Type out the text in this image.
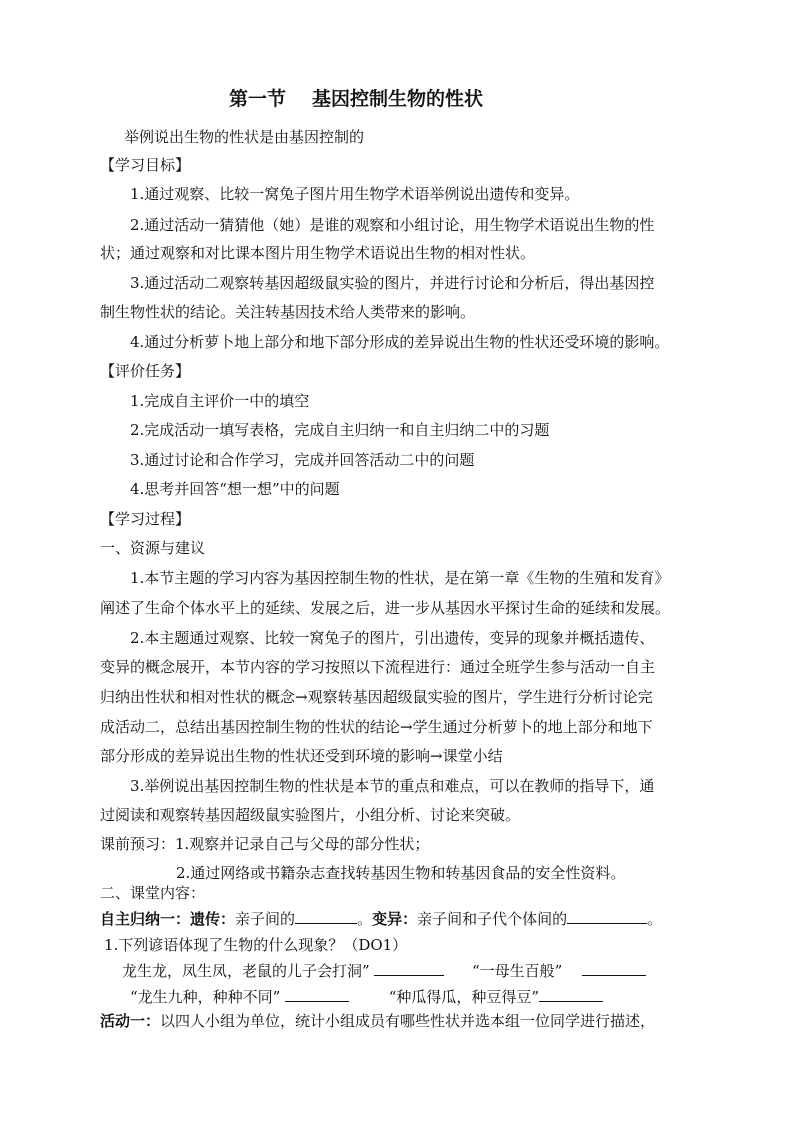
第一节 基因控制生物的性状
举例说出生物的性状是由基因控制的
【学习目标】
1.通过观察、比较一窝兔子图片用生物学术语举例说出遗传和变异。
2.通过活动一猜猜他（她）是谁的观察和小组讨论，用生物学术语说出生物的性
状；通过观察和对比课本图片用生物学术语说出生物的相对性状。
3.通过活动二观察转基因超级鼠实验的图片，并进行讨论和分析后，得出基因控
制生物性状的结论。关注转基因技术给人类带来的影响。
4.通过分析萝卜地上部分和地下部分形成的差异说出生物的性状还受环境的影响。
【评价任务】
1.完成自主评价一中的填空
2.完成活动一填写表格，完成自主归纳一和自主归纳二中的习题
3.通过讨论和合作学习，完成并回答活动二中的问题
4.思考并回答“想一想”中的问题
【学习过程】
一、资源与建议
1.本节主题的学习内容为基因控制生物的性状，是在第一章《生物的生殖和发育》
阐述了生命个体水平上的延续、发展之后，进一步从基因水平探讨生命的延续和发展。
2.本主题通过观察、比较一窝兔子的图片，引出遗传，变异的现象并概括遗传、
变异的概念展开，本节内容的学习按照以下流程进行：通过全班学生参与活动一自主
归纳出性状和相对性状的概念→观察转基因超级鼠实验的图片，学生进行分析讨论完
成活动二，总结出基因控制生物的性状的结论→学生通过分析萝卜的地上部分和地下
部分形成的差异说出生物的性状还受到环境的影响→课堂小结
3.举例说出基因控制生物的性状是本节的重点和难点，可以在教师的指导下，通
过阅读和观察转基因超级鼠实验图片，小组分析、讨论来突破。
课前预习：1.观察并记录自己与父母的部分性状；
2.通过网络或书籍杂志查找转基因生物和转基因食品的安全性资料。
二、课堂内容：
自主归纳一：遗传：亲子间的	。变异：亲子间和子代个体间的	。
1.下列谚语体现了生物的什么现象？（DO1）
龙生龙，凤生凤，老鼠的儿子会打洞”	“一母生百般”
“龙生九种，种种不同”	“种瓜得瓜，种豆得豆”
活动一：以四人小组为单位，统计小组成员有哪些性状并选本组一位同学进行描述，
